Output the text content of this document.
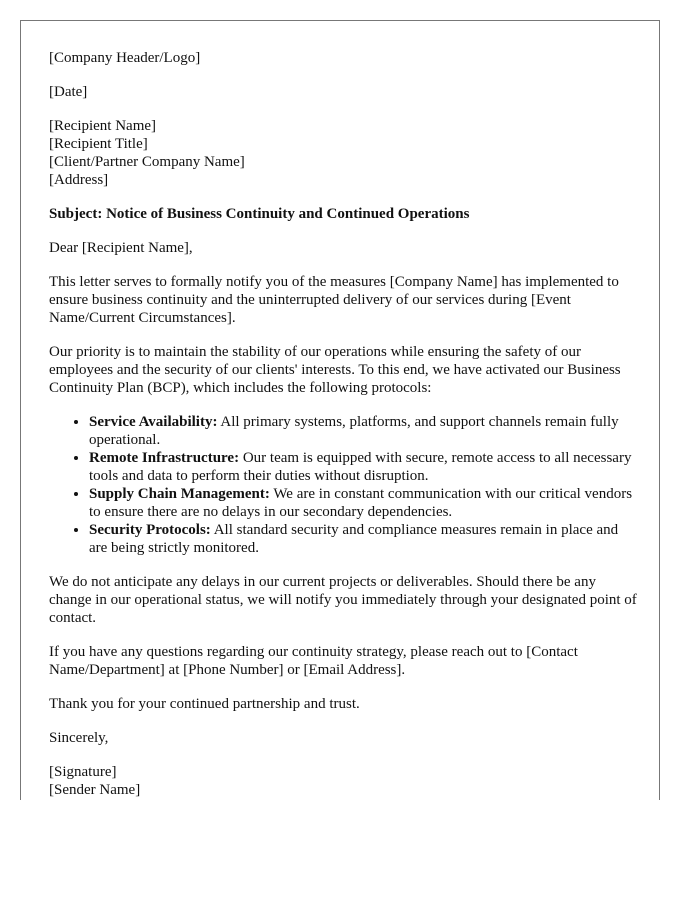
[Company Header/Logo]

[Date]

[Recipient Name]
[Recipient Title]
[Client/Partner Company Name]
[Address]

Subject: Notice of Business Continuity and Continued Operations

Dear [Recipient Name],

This letter serves to formally notify you of the measures [Company Name] has implemented to ensure business continuity and the uninterrupted delivery of our services during [Event Name/Current Circumstances].

Our priority is to maintain the stability of our operations while ensuring the safety of our employees and the security of our clients' interests. To this end, we have activated our Business Continuity Plan (BCP), which includes the following protocols:

• Service Availability: All primary systems, platforms, and support channels remain fully operational.
• Remote Infrastructure: Our team is equipped with secure, remote access to all necessary tools and data to perform their duties without disruption.
• Supply Chain Management: We are in constant communication with our critical vendors to ensure there are no delays in our secondary dependencies.
• Security Protocols: All standard security and compliance measures remain in place and are being strictly monitored.

We do not anticipate any delays in our current projects or deliverables. Should there be any change in our operational status, we will notify you immediately through your designated point of contact.

If you have any questions regarding our continuity strategy, please reach out to [Contact Name/Department] at [Phone Number] or [Email Address].

Thank you for your continued partnership and trust.

Sincerely,

[Signature]
[Sender Name]
